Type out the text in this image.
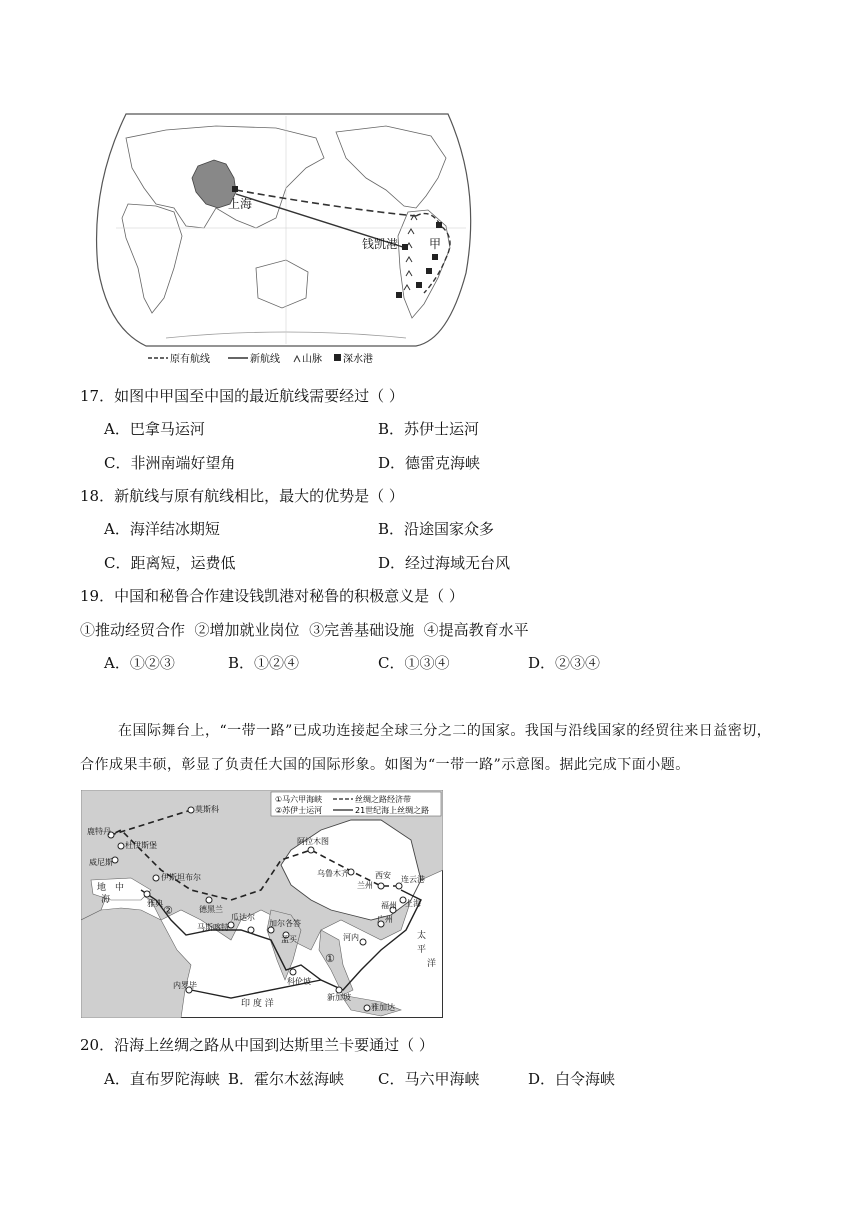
上海
钱凯港	甲
原有航线	新航线 山脉 深水港
17．如图中甲国至中国的最近航线需要经过（ ）
A．巴拿马运河	B．苏伊士运河
C．非洲南端好望角	D．德雷克海峡
18．新航线与原有航线相比，最大的优势是（ ）
A．海洋结冰期短	B．沿途国家众多
C．距离短，运费低	D．经过海域无台风
19．中国和秘鲁合作建设钱凯港对秘鲁的积极意义是（ ）
①推动经贸合作  ②增加就业岗位  ③完善基础设施  ④提高教育水平
A．①②③	B．①②④	C．①③④	D．②③④
在国际舞台上，“一带一路”已成功连接起全球三分之二的国家。我国与沿线国家的经贸往来日益密切，
合作成果丰硕，彰显了负责任大国的国际形象。如图为“一带一路”示意图。据此完成下面小题。
①马六甲海峡
②苏伊士运河
丝绸之路经济带
21世纪海上丝绸之路
莫斯科
鹿特丹
杜伊斯堡
威尼斯
伊斯坦布尔
雅典
德黑兰
阿拉木图
乌鲁木齐
兰州
西安 连云港
上海
福州
广州
河内
加尔各答
瓜达尔
马斯喀特
孟买
科伦坡
新加坡
雅加达
内罗毕
印 度 洋
太
平
洋
地 中
海
①
②
20．沿海上丝绸之路从中国到达斯里兰卡要通过（ ）
A．直布罗陀海峡 B．霍尔木兹海峡 C．马六甲海峡	D．白令海峡
